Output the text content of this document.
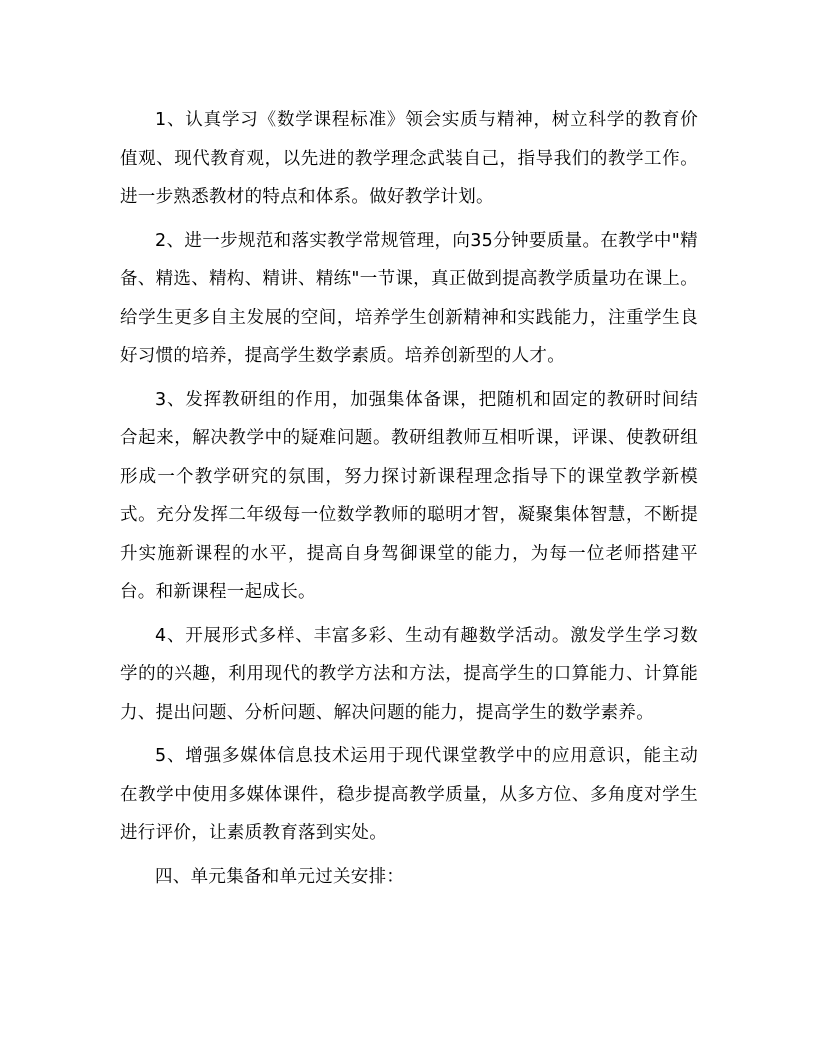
1、认真学习《数学课程标准》领会实质与精神，树立科学的教育价值观、现代教育观，以先进的教学理念武装自己，指导我们的教学工作。进一步熟悉教材的特点和体系。做好教学计划。

2、进一步规范和落实教学常规管理，向35分钟要质量。在教学中"精备、精选、精构、精讲、精练"一节课，真正做到提高教学质量功在课上。给学生更多自主发展的空间，培养学生创新精神和实践能力，注重学生良好习惯的培养，提高学生数学素质。培养创新型的人才。

3、发挥教研组的作用，加强集体备课，把随机和固定的教研时间结合起来，解决教学中的疑难问题。教研组教师互相听课，评课、使教研组形成一个教学研究的氛围，努力探讨新课程理念指导下的课堂教学新模式。充分发挥二年级每一位数学教师的聪明才智，凝聚集体智慧，不断提升实施新课程的水平，提高自身驾御课堂的能力，为每一位老师搭建平台。和新课程一起成长。

4、开展形式多样、丰富多彩、生动有趣数学活动。激发学生学习数学的的兴趣，利用现代的教学方法和方法，提高学生的口算能力、计算能力、提出问题、分析问题、解决问题的能力，提高学生的数学素养。

5、增强多媒体信息技术运用于现代课堂教学中的应用意识，能主动在教学中使用多媒体课件，稳步提高教学质量，从多方位、多角度对学生进行评价，让素质教育落到实处。

四、单元集备和单元过关安排：
